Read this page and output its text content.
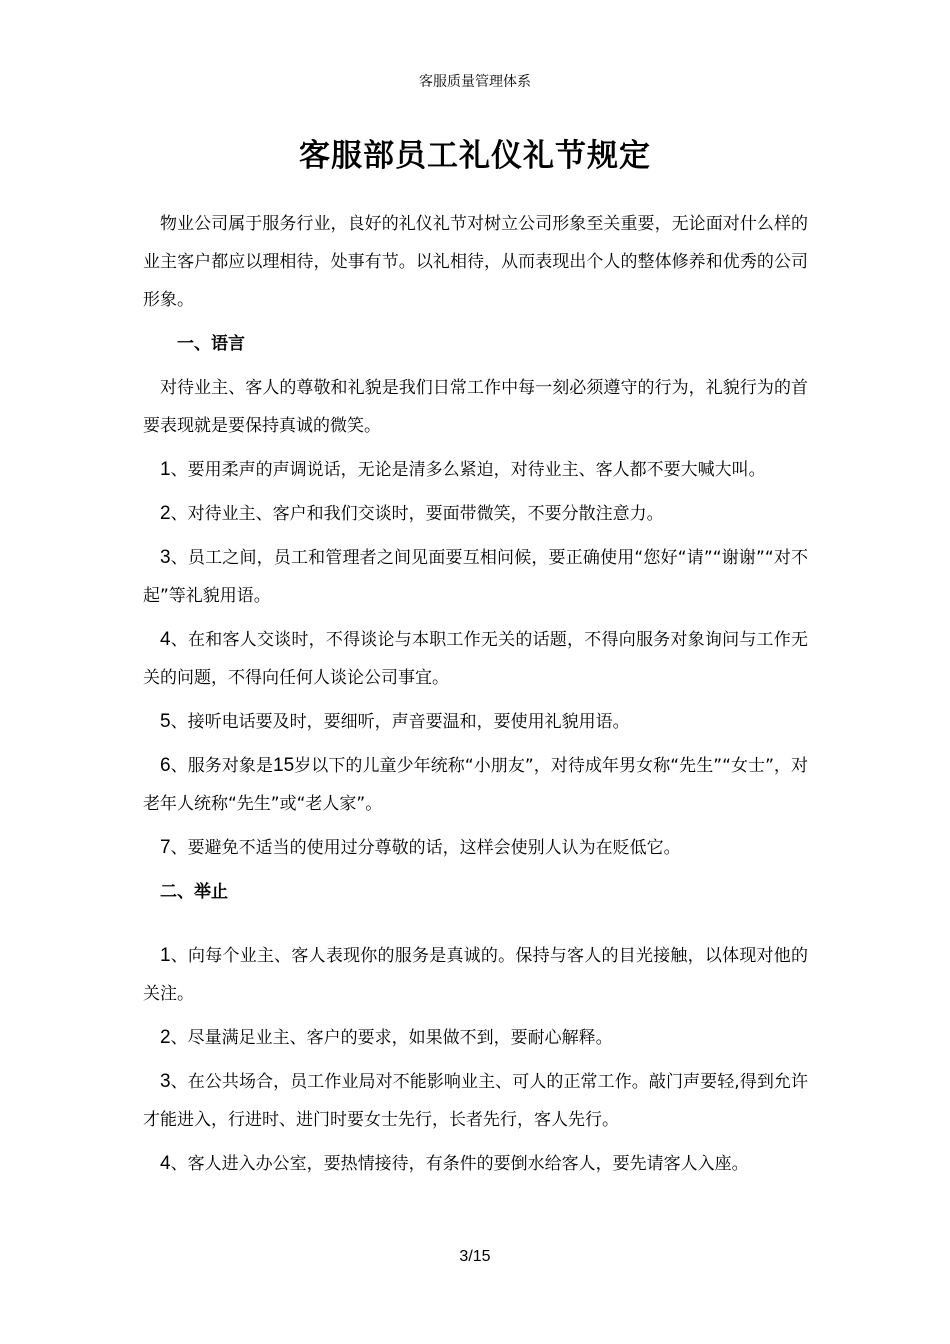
客服质量管理体系
客服部员工礼仪礼节规定

物业公司属于服务行业，良好的礼仪礼节对树立公司形象至关重要，无论面对什么样的业主客户都应以理相待，处事有节。以礼相待，从而表现出个人的整体修养和优秀的公司形象。

一、语言

对待业主、客人的尊敬和礼貌是我们日常工作中每一刻必须遵守的行为，礼貌行为的首要表现就是要保持真诚的微笑。

1、要用柔声的声调说话，无论是清多么紧迫，对待业主、客人都不要大喊大叫。

2、对待业主、客户和我们交谈时，要面带微笑，不要分散注意力。

3、员工之间，员工和管理者之间见面要互相问候，要正确使用“您好“请”“谢谢”“对不起”等礼貌用语。

4、在和客人交谈时，不得谈论与本职工作无关的话题，不得向服务对象询问与工作无关的问题，不得向任何人谈论公司事宜。

5、接听电话要及时，要细听，声音要温和，要使用礼貌用语。

6、服务对象是15岁以下的儿童少年统称“小朋友”，对待成年男女称“先生”“女士”，对老年人统称“先生”或“老人家”。

7、要避免不适当的使用过分尊敬的话，这样会使别人认为在贬低它。

二、举止

1、向每个业主、客人表现你的服务是真诚的。保持与客人的目光接触，以体现对他的关注。

2、尽量满足业主、客户的要求，如果做不到，要耐心解释。

3、在公共场合，员工作业局对不能影响业主、可人的正常工作。敲门声要轻,得到允许才能进入，行进时、进门时要女士先行，长者先行，客人先行。

4、客人进入办公室，要热情接待，有条件的要倒水给客人，要先请客人入座。

3/15
